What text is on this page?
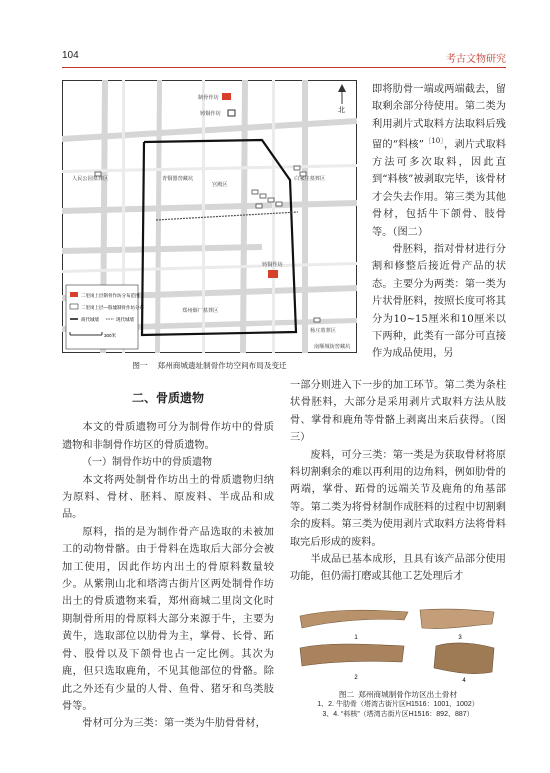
104	考古文物研究
北
制骨作坊
铸铜作坊
人民公园墓葬区
宫殿区
白家庄墓葬区
青铜器窖藏坑
铸铜作坊
郑州烟厂墓葬区
杨庄墓葬区
南顺城街窖藏坑
二里岗上层制骨作坊分布范围
二里岗上层—殷墟制骨作坊分布
商代城墙	现代城墙
300米
图一 郑州商城遗址制骨作坊空间布局及变迁

即将肋骨一端或两端截去，留取剩余部分待使用。第二类为利用剥片式取料方法取料后残留的“料核”$^{〔10〕}$，剥片式取料方法可多次取料，因此直到“料核”被剥取完毕，该骨材才会失去作用。第三类为其他骨材，包括牛下颌骨、肢骨等。（图二）

骨胚料，指对骨材进行分割和修整后接近骨产品的状态。主要分为两类：第一类为片状骨胚料，按照长度可将其分为10~15厘米和10厘米以下两种，此类有一部分可直接作为成品使用，另

二、骨质遗物

本文的骨质遗物可分为制骨作坊中的骨质遗物和非制骨作坊区的骨质遗物。

（一）制骨作坊中的骨质遗物

本文将两处制骨作坊出土的骨质遗物归纳为原料、骨材、胚料、原废料、半成品和成品。

原料，指的是为制作骨产品选取的未被加工的动物骨骼。由于骨料在选取后大部分会被加工使用，因此作坊内出土的骨原料数量较少。从紫荆山北和塔湾古街片区两处制骨作坊出土的骨质遗物来看，郑州商城二里岗文化时期制骨所用的骨原料大部分来源于牛，主要为黄牛，选取部位以肋骨为主，掌骨、长骨、跖骨、股骨以及下颌骨也占一定比例。其次为鹿，但只选取鹿角，不见其他部位的骨骼。除此之外还有少量的人骨、鱼骨、猪牙和鸟类肢骨等。

骨材可分为三类：第一类为牛肋骨骨材，

一部分则进入下一步的加工环节。第二类为条柱状骨胚料，大部分是采用剥片式取料方法从肢骨、掌骨和鹿角等骨骼上剥离出来后获得。（图三）

废料，可分三类：第一类是为获取骨材将原料切割剩余的难以再利用的边角料，例如肋骨的两端，掌骨、跖骨的远端关节及鹿角的角基部等。第二类为将骨材制作成胚料的过程中切割剩余的废料。第三类为使用剥片式取料方法将骨料取完后形成的废料。

半成品已基本成形，且具有该产品部分使用功能，但仍需打磨或其他工艺处理后才

1	3
2	4
图二 郑州商城制骨作坊区出土骨材
1、2. 牛肋骨（塔湾古街片区H1516：1001、1002）
3、4. “料核”（塔湾古街片区H1516：892、887）
